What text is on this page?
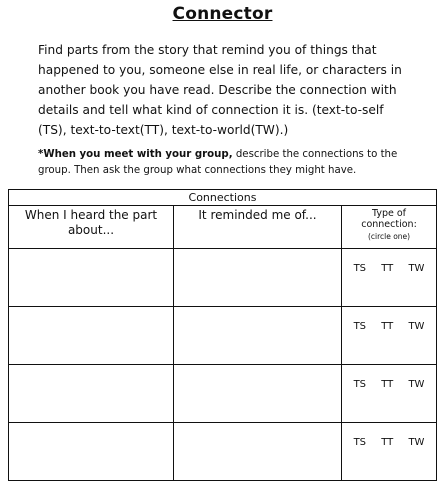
Connector

Find parts from the story that remind you of things that happened to you, someone else in real life, or characters in another book you have read. Describe the connection with details and tell what kind of connection it is. (text-to-self (TS), text-to-text(TT), text-to-world(TW).)

*When you meet with your group, describe the connections to the group. Then ask the group what connections they might have.

Connections		
When I heard the part about...	It reminded me of...	Type of
connection:
(circle one)

		TS TT TW

		TS TT TW

		TS TT TW

		TS TT TW
